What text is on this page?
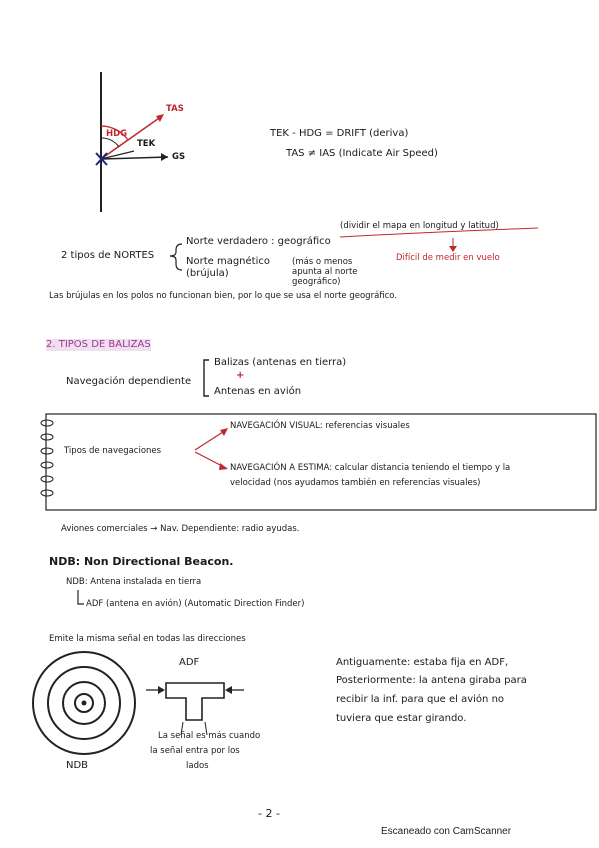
TAS
HDG
TEK
GS
TEK - HDG = DRIFT (deriva)
TAS ≠ IAS (Indicate Air Speed)
2 tipos de NORTES
Norte verdadero : geográfico
(dividir el mapa en longitud y latitud)
Norte magnético (brújula)
(más o menos apunta al norte geográfico)
Difícil de medir en vuelo
Las brújulas en los polos no funcionan bien, por lo que se usa el norte geográfico.
2. TIPOS DE BALIZAS
Navegación dependiente
Balizas (antenas en tierra)
+
Antenas en avión
Tipos de navegaciones
NAVEGACIÓN VISUAL: referencias visuales
NAVEGACIÓN A ESTIMA: calcular distancia teniendo el tiempo y la
velocidad (nos ayudamos también en referencias visuales)
Aviones comerciales → Nav. Dependiente: radio ayudas.
NDB: Non Directional Beacon.
NDB: Antena instalada en tierra
ADF (antena en avión) (Automatic Direction Finder)
Emite la misma señal en todas las direcciones
ADF
NDB
La señal es más cuando
la señal entra por los
lados
Antiguamente: estaba fija en ADF,
Posteriormente: la antena giraba para
recibir la inf. para que el avión no
tuviera que estar girando.
- 2 -
Escaneado con CamScanner
